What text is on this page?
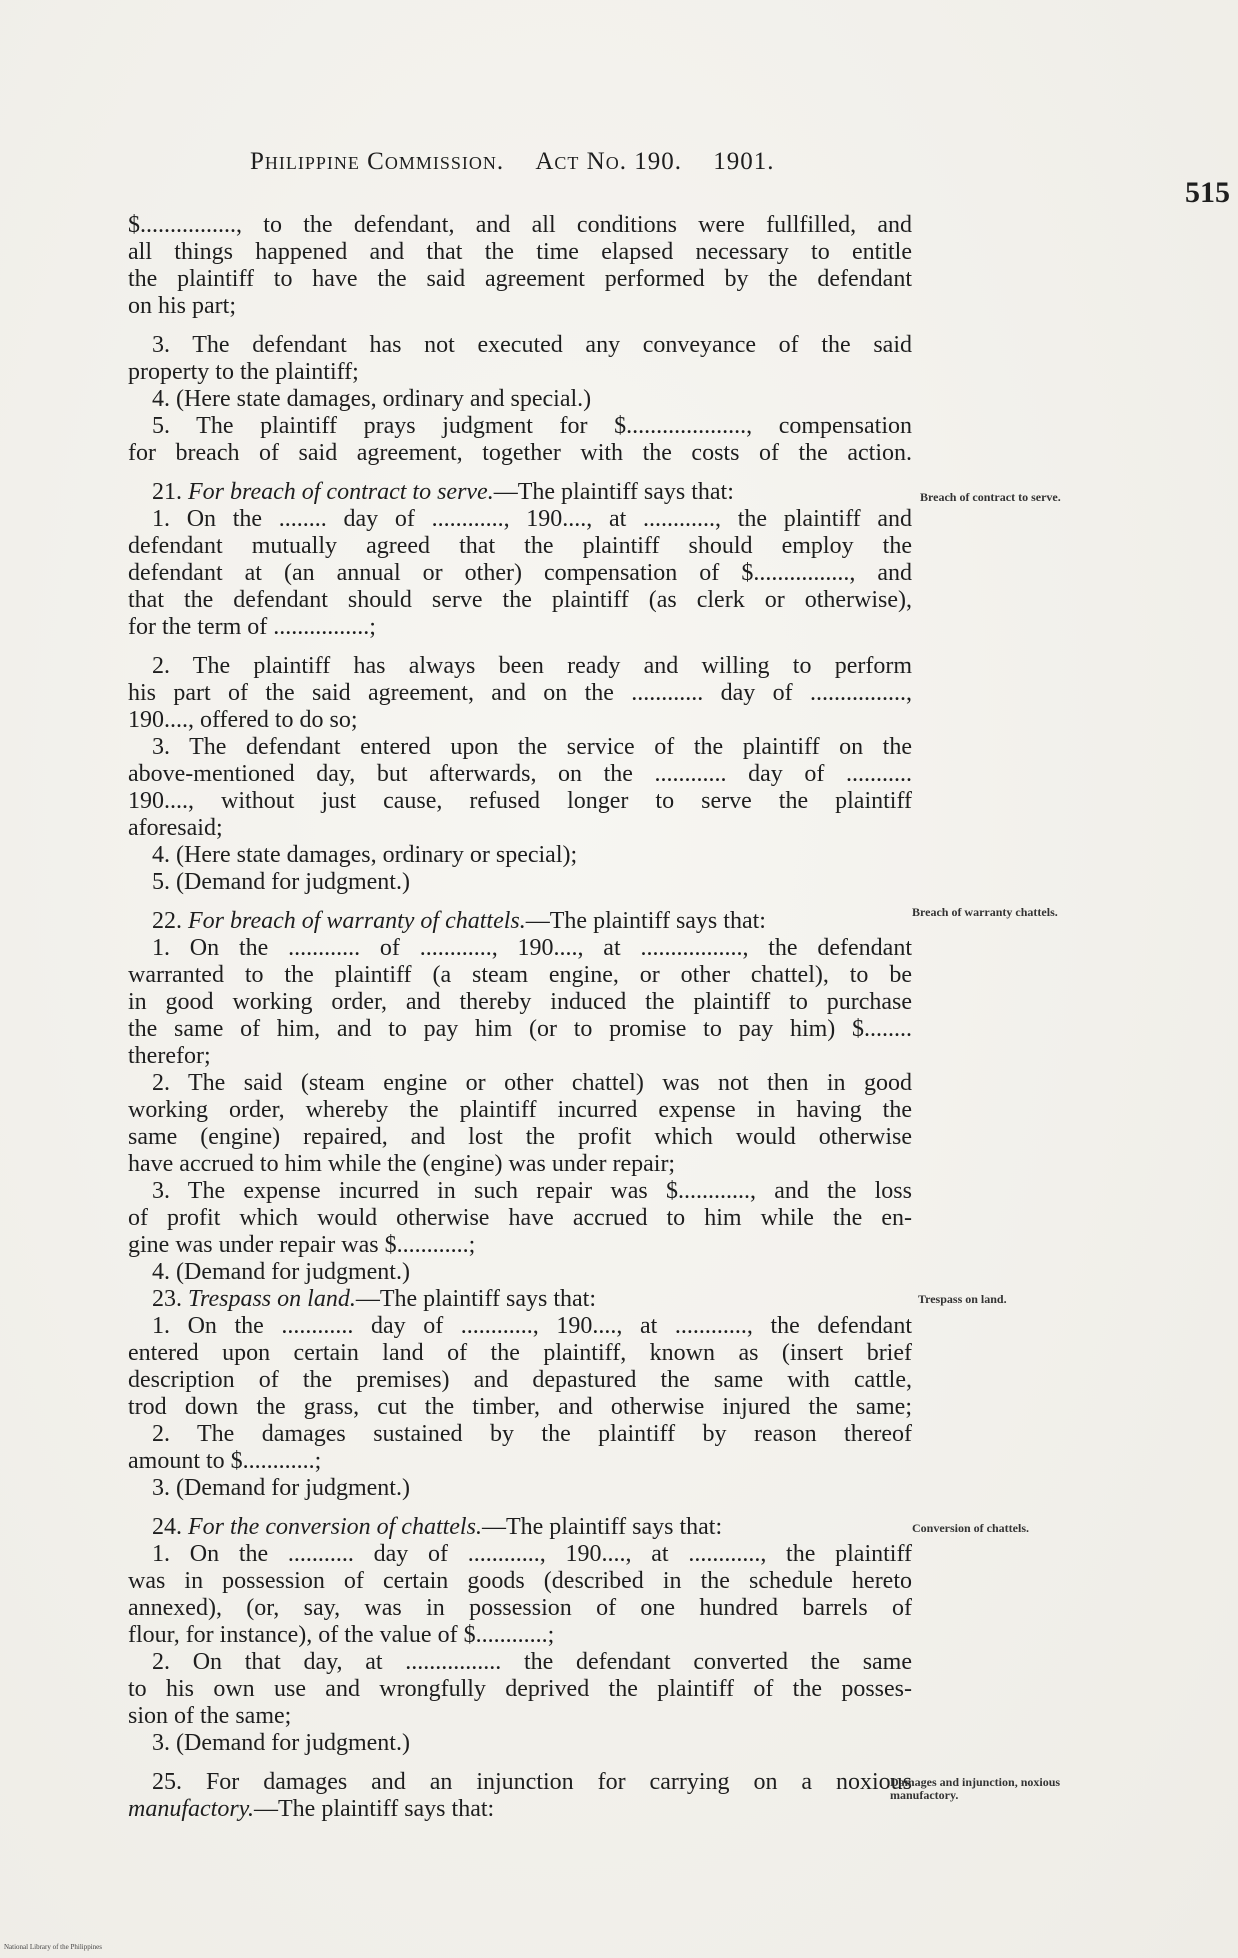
Philippine Commission. Act No. 190. 1901.
515
$................, to the defendant, and all conditions were fullfilled, and
all things happened and that the time elapsed necessary to entitle
the plaintiff to have the said agreement performed by the defendant
on his part;
3. The defendant has not executed any conveyance of the said
property to the plaintiff;
4. (Here state damages, ordinary and special.)
5. The plaintiff prays judgment for $...................., compensation
for breach of said agreement, together with the costs of the action.
21. For breach of contract to serve.—The plaintiff says that:
1. On the ........ day of ............, 190...., at ............, the plaintiff and
defendant mutually agreed that the plaintiff should employ the
defendant at (an annual or other) compensation of $................, and
that the defendant should serve the plaintiff (as clerk or otherwise),
for the term of ................;
2. The plaintiff has always been ready and willing to perform
his part of the said agreement, and on the ............ day of ................,
190...., offered to do so;
3. The defendant entered upon the service of the plaintiff on the
above-mentioned day, but afterwards, on the ............ day of ...........
190...., without just cause, refused longer to serve the plaintiff
aforesaid;
4. (Here state damages, ordinary or special);
5. (Demand for judgment.)
22. For breach of warranty of chattels.—The plaintiff says that:
1. On the ............ of ............, 190...., at ................., the defendant
warranted to the plaintiff (a steam engine, or other chattel), to be
in good working order, and thereby induced the plaintiff to purchase
the same of him, and to pay him (or to promise to pay him) $........
therefor;
2. The said (steam engine or other chattel) was not then in good
working order, whereby the plaintiff incurred expense in having the
same (engine) repaired, and lost the profit which would otherwise
have accrued to him while the (engine) was under repair;
3. The expense incurred in such repair was $............, and the loss
of profit which would otherwise have accrued to him while the en-
gine was under repair was $............;
4. (Demand for judgment.)
23. Trespass on land.—The plaintiff says that:
1. On the ............ day of ............, 190...., at ............, the defendant
entered upon certain land of the plaintiff, known as (insert brief
description of the premises) and depastured the same with cattle,
trod down the grass, cut the timber, and otherwise injured the same;
2. The damages sustained by the plaintiff by reason thereof
amount to $............;
3. (Demand for judgment.)
24. For the conversion of chattels.—The plaintiff says that:
1. On the ........... day of ............, 190...., at ............, the plaintiff
was in possession of certain goods (described in the schedule hereto
annexed), (or, say, was in possession of one hundred barrels of
flour, for instance), of the value of $............;
2. On that day, at ................ the defendant converted the same
to his own use and wrongfully deprived the plaintiff of the posses-
sion of the same;
3. (Demand for judgment.)
25. For damages and an injunction for carrying on a noxious
manufactory.—The plaintiff says that:
Breach of contract to serve.
Breach of warranty chattels.
Trespass on land.
Conversion of chattels.
Damages and injunction, noxious manufactory.
National Library of the Philippines
